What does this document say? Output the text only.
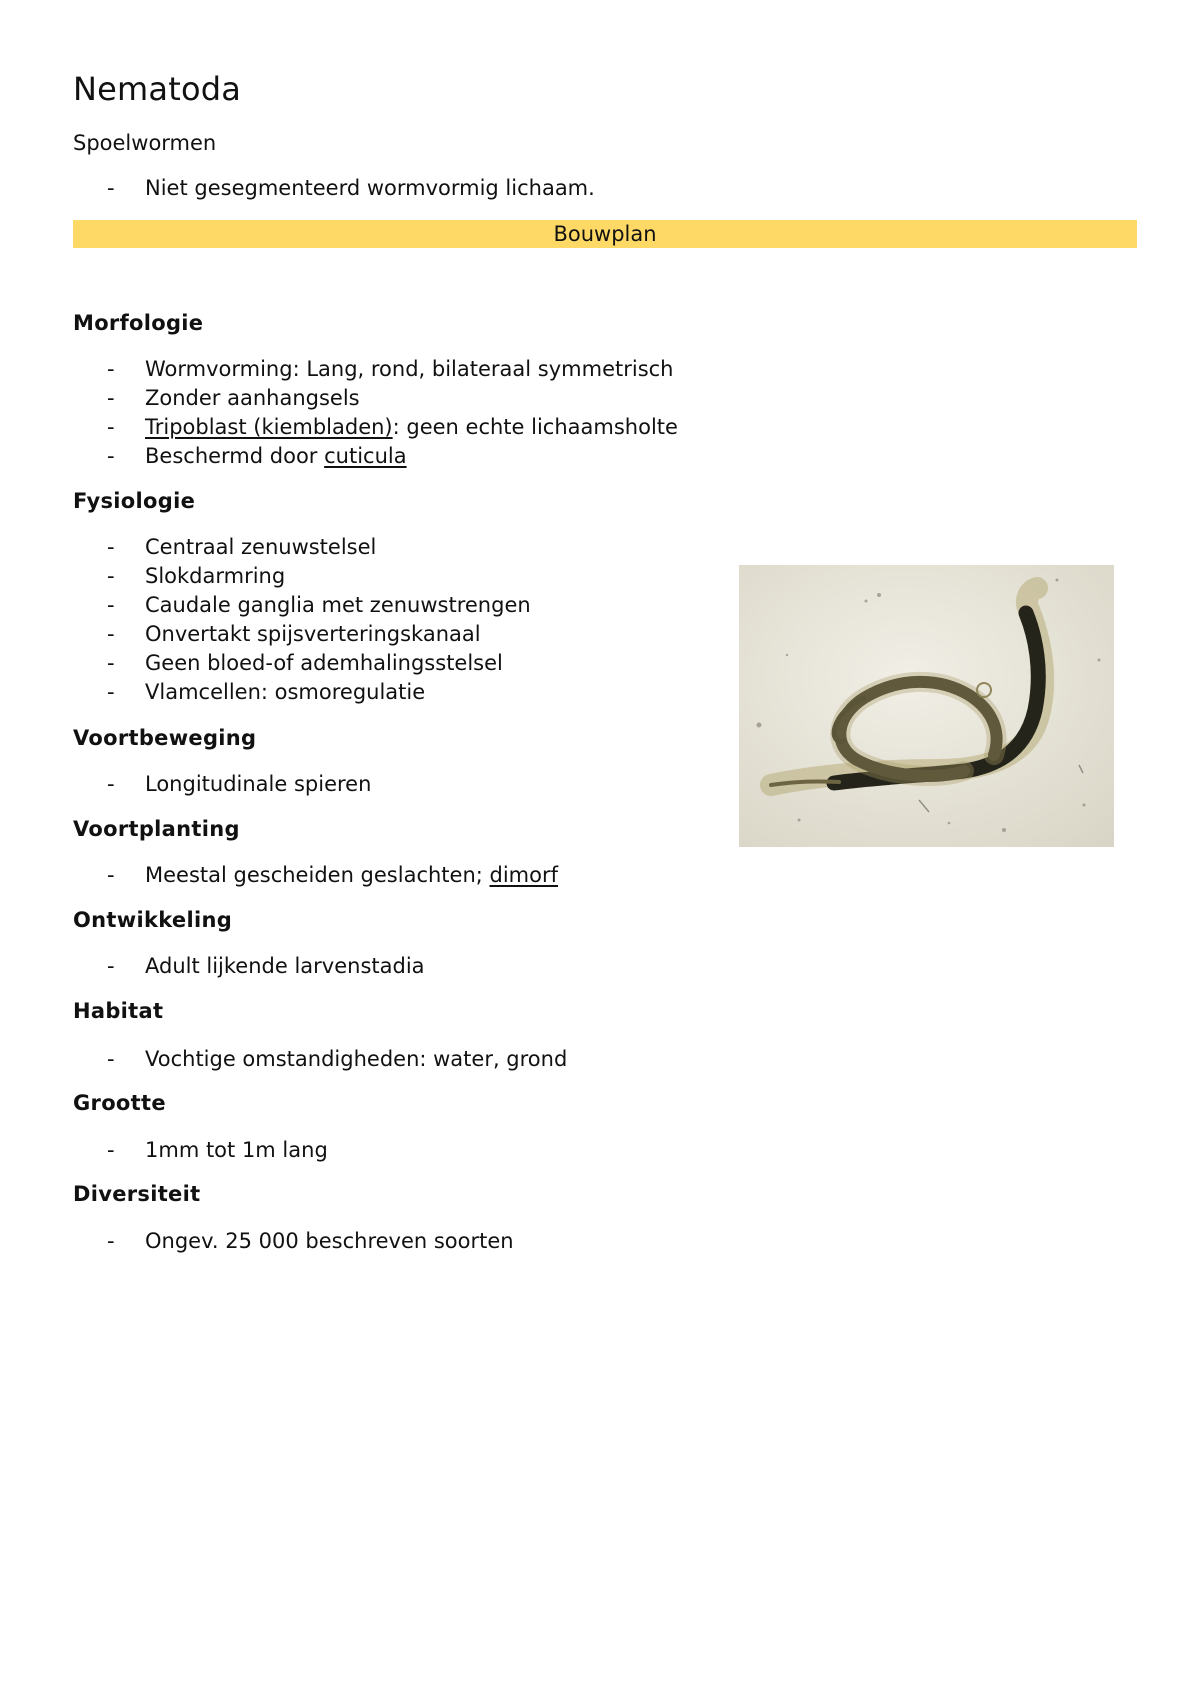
Nematoda

Spoelwormen

- Niet gesegmenteerd wormvormig lichaam.
Bouwplan
Morfologie
- Wormvorming: Lang, rond, bilateraal symmetrisch
- Zonder aanhangsels
- Tripoblast (kiembladen): geen echte lichaamsholte
- Beschermd door cuticula
Fysiologie
- Centraal zenuwstelsel
- Slokdarmring
- Caudale ganglia met zenuwstrengen
- Onvertakt spijsverteringskanaal
- Geen bloed-of ademhalingsstelsel
- Vlamcellen: osmoregulatie
Voortbeweging
- Longitudinale spieren
Voortplanting
- Meestal gescheiden geslachten; dimorf
Ontwikkeling
- Adult lijkende larvenstadia
Habitat
- Vochtige omstandigheden: water, grond
Grootte
- 1mm tot 1m lang
Diversiteit
- Ongev. 25 000 beschreven soorten
